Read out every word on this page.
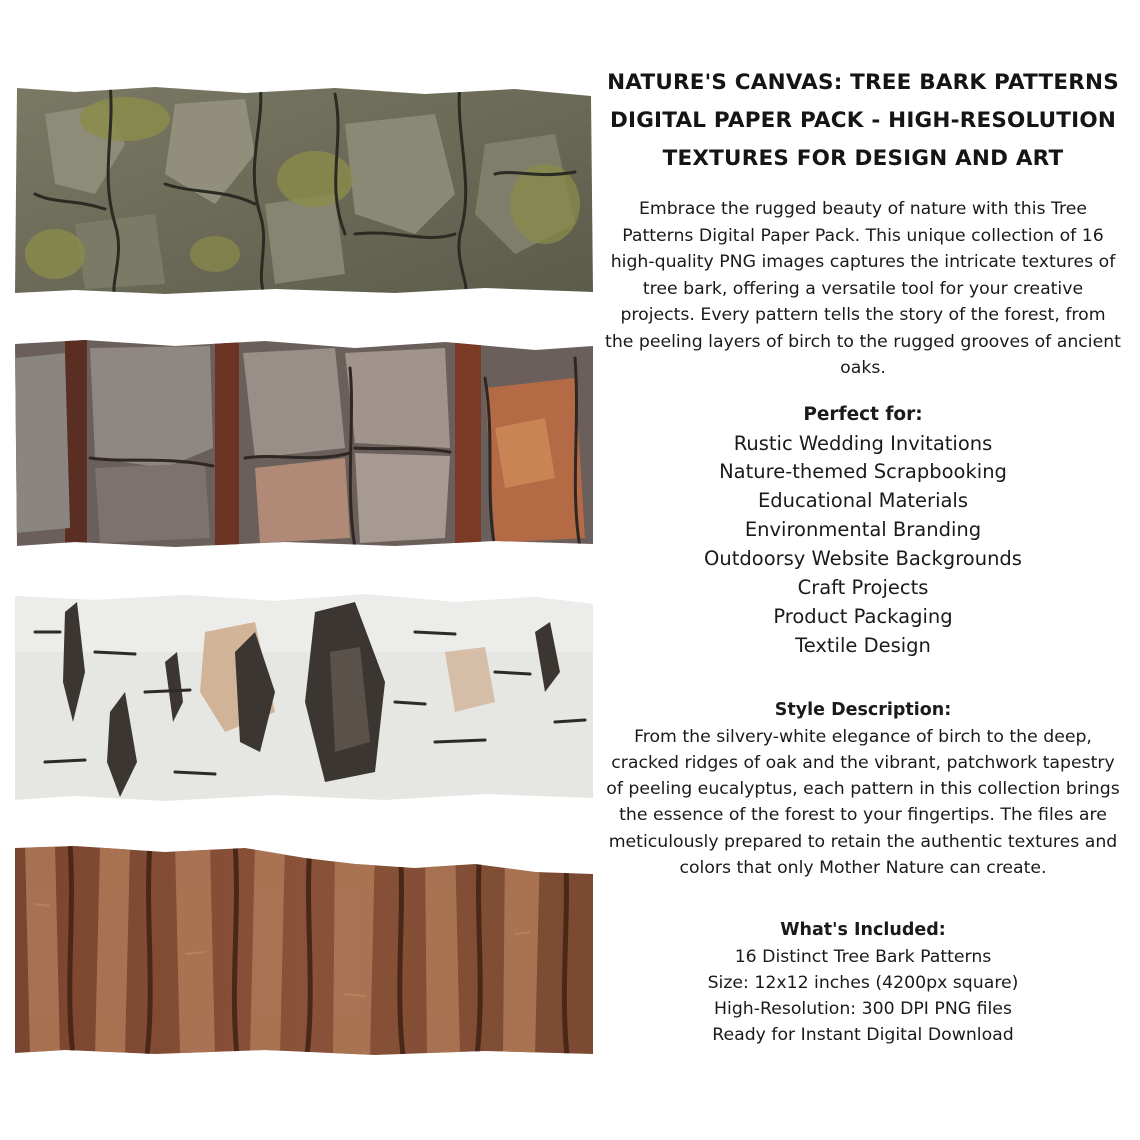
NATURE'S CANVAS: TREE BARK PATTERNS
DIGITAL PAPER PACK - HIGH-RESOLUTION
TEXTURES FOR DESIGN AND ART

Embrace the rugged beauty of nature with this Tree Patterns Digital Paper Pack. This unique collection of 16 high-quality PNG images captures the intricate textures of tree bark, offering a versatile tool for your creative projects. Every pattern tells the story of the forest, from the peeling layers of birch to the rugged grooves of ancient oaks.

Perfect for:

Rustic Wedding Invitations
Nature-themed Scrapbooking
Educational Materials
Environmental Branding
Outdoorsy Website Backgrounds
Craft Projects
Product Packaging
Textile Design

Style Description:

From the silvery-white elegance of birch to the deep, cracked ridges of oak and the vibrant, patchwork tapestry of peeling eucalyptus, each pattern in this collection brings the essence of the forest to your fingertips. The files are meticulously prepared to retain the authentic textures and colors that only Mother Nature can create.

What's Included:

16 Distinct Tree Bark Patterns
Size: 12x12 inches (4200px square)
High-Resolution: 300 DPI PNG files
Ready for Instant Digital Download
